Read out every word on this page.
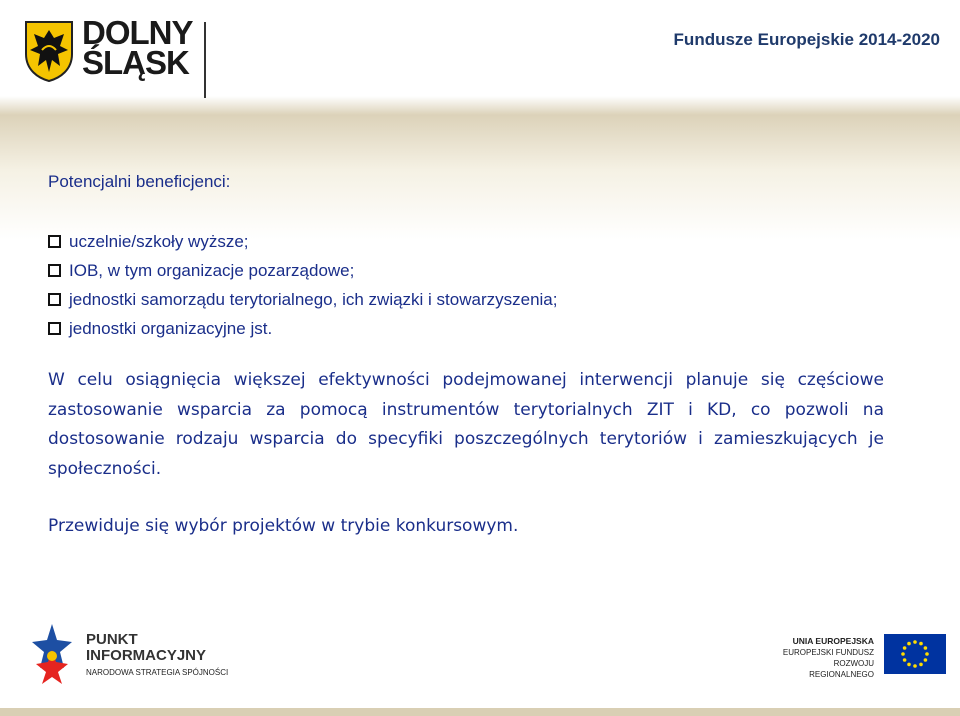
DOLNY
ŚLĄSK
Fundusze Europejskie 2014-2020
Potencjalni beneficjenci:
uczelnie/szkoły wyższe;
IOB, w tym organizacje pozarządowe;
jednostki samorządu terytorialnego, ich związki i stowarzyszenia;
jednostki organizacyjne jst.

W celu osiągnięcia większej efektywności podejmowanej interwencji planuje się częściowe zastosowanie wsparcia za pomocą instrumentów terytorialnych ZIT i KD, co pozwoli na dostosowanie rodzaju wsparcia do specyfiki poszczególnych terytoriów i zamieszkujących je społeczności.

Przewiduje się wybór projektów w trybie konkursowym.

PUNKT
INFORMACYJNY
NARODOWA STRATEGIA SPÓJNOŚCI
UNIA EUROPEJSKA
EUROPEJSKI FUNDUSZ
ROZWOJU REGIONALNEGO
